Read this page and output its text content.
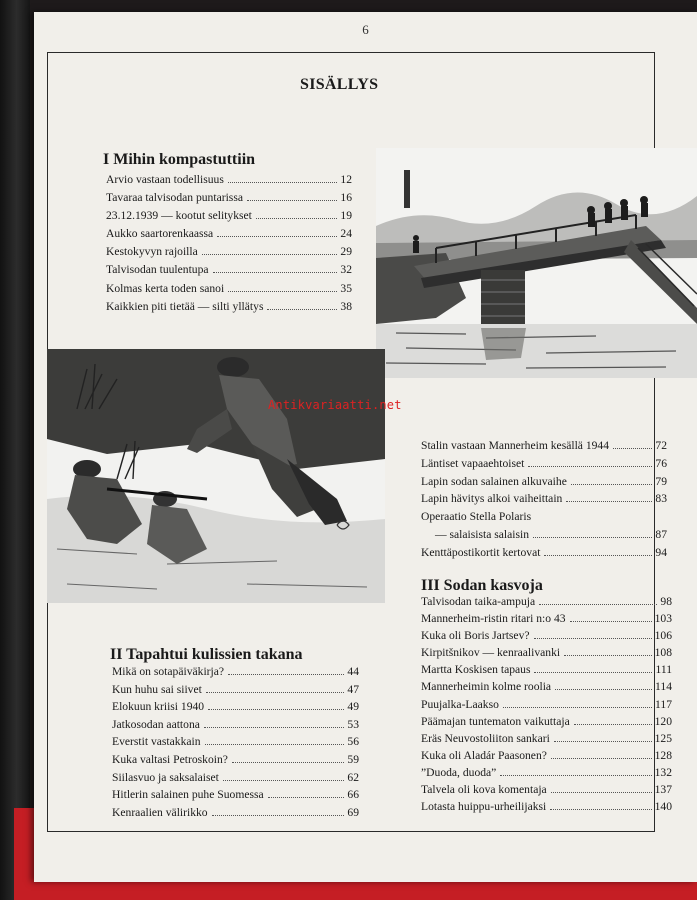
6
SISÄLLYS
I Mihin kompastuttiin
Arvio vastaan todellisuus	12
Tavaraa talvisodan puntarissa	16
23.12.1939 — kootut selitykset	19
Aukko saartorenkaassa	24
Kestokyvyn rajoilla	29
Talvisodan tuulentupa	32
Kolmas kerta toden sanoi	35
Kaikkien piti tietää — silti yllätys	38
Antikvariaatti.net
II Tapahtui kulissien takana
Mikä on sotapäiväkirja?	44
Kun huhu sai siivet	47
Elokuun kriisi 1940	49
Jatkosodan aattona	53
Everstit vastakkain	56
Kuka valtasi Petroskoin?	59
Siilasvuo ja saksalaiset	62
Hitlerin salainen puhe Suomessa	66
Kenraalien välirikko	69
Stalin vastaan Mannerheim kesällä 1944	72
Läntiset vapaaehtoiset	76
Lapin sodan salainen alkuvaihe	79
Lapin hävitys alkoi vaiheittain	83
Operaatio Stella Polaris
— salaisista salaisin	87
Kenttäpostikortit kertovat	94
III Sodan kasvoja
Talvisodan taika-ampuja	98
Mannerheim-ristin ritari n:o 43	103
Kuka oli Boris Jartsev?	106
Kirpitšnikov — kenraalivanki	108
Martta Koskisen tapaus	111
Mannerheimin kolme roolia	114
Puujalka-Laakso	117
Päämajan tuntematon vaikuttaja	120
Eräs Neuvostoliiton sankari	125
Kuka oli Aladár Paasonen?	128
”Duoda, duoda”	132
Talvela oli kova komentaja	137
Lotasta huippu-urheilijaksi	140
